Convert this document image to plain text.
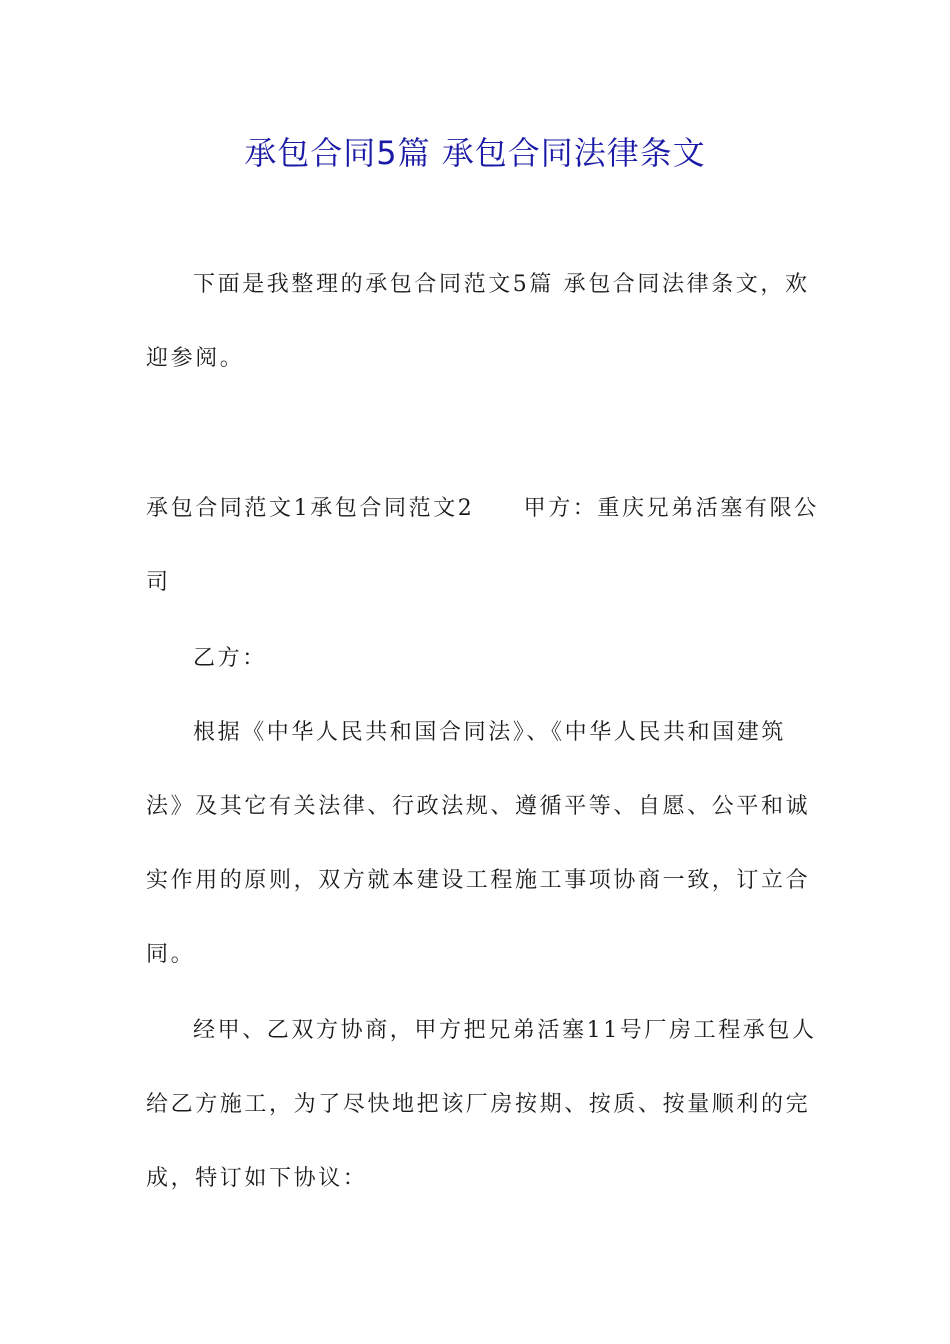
承包合同5篇 承包合同法律条文
下面是我整理的承包合同范文5篇 承包合同法律条文，欢
迎参阅。
承包合同范文1承包合同范文2　　甲方：重庆兄弟活塞有限公
司
乙方：
根据《中华人民共和国合同法》、《中华人民共和国建筑
法》及其它有关法律、行政法规、遵循平等、自愿、公平和诚
实作用的原则，双方就本建设工程施工事项协商一致，订立合
同。
经甲、乙双方协商，甲方把兄弟活塞11号厂房工程承包人
给乙方施工，为了尽快地把该厂房按期、按质、按量顺利的完
成，特订如下协议：
